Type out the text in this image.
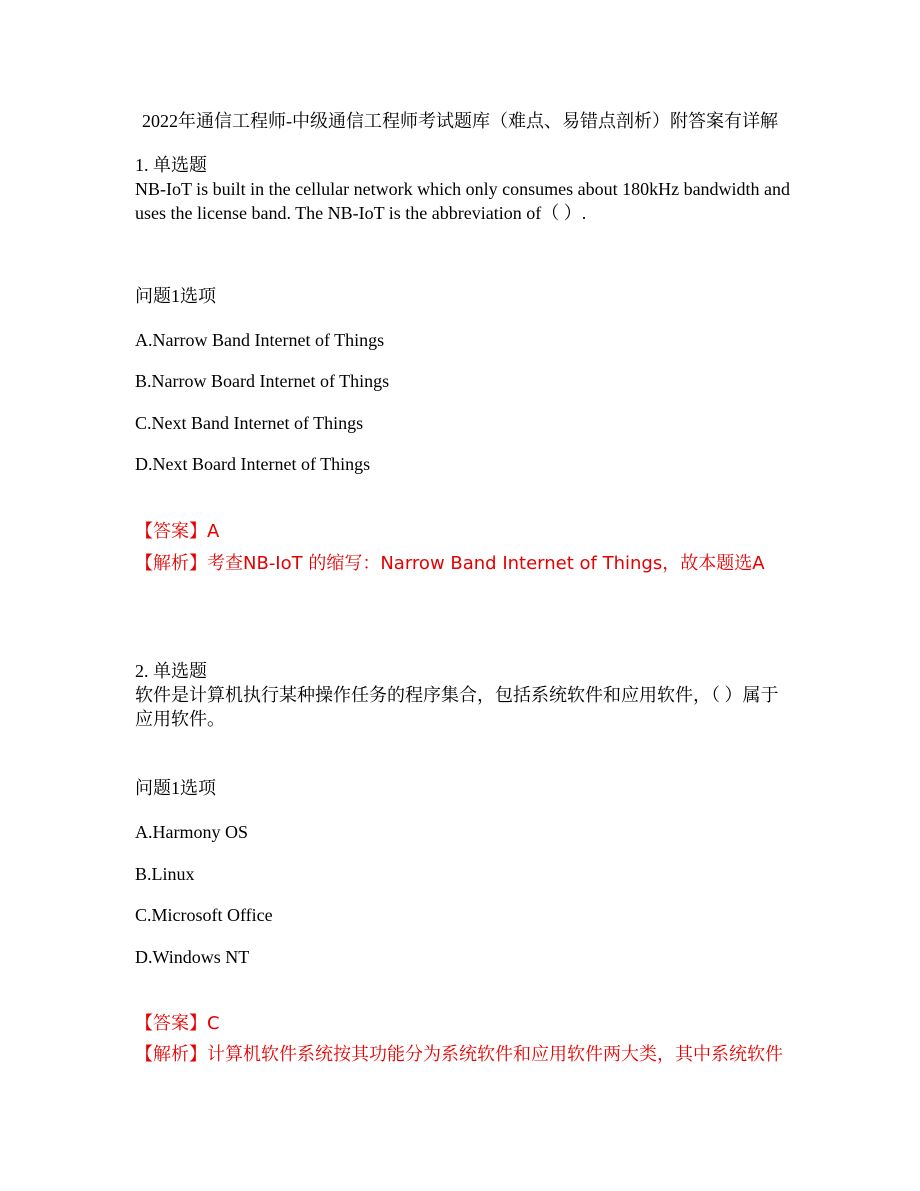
2022年通信工程师-中级通信工程师考试题库（难点、易错点剖析）附答案有详解
1. 单选题
NB-IoT is built in the cellular network which only consumes about 180kHz bandwidth and uses the license band. The NB-IoT is the abbreviation of（ ）.
问题1选项
A.Narrow Band Internet of Things
B.Narrow Board Internet of Things
C.Next Band Internet of Things
D.Next Board Internet of Things
【答案】A
【解析】考查NB-IoT 的缩写：Narrow Band Internet of Things，故本题选A
2. 单选题
软件是计算机执行某种操作任务的程序集合，包括系统软件和应用软件，（ ）属于应用软件。
问题1选项
A.Harmony OS
B.Linux
C.Microsoft Office
D.Windows NT
【答案】C
【解析】计算机软件系统按其功能分为系统软件和应用软件两大类，其中系统软件
